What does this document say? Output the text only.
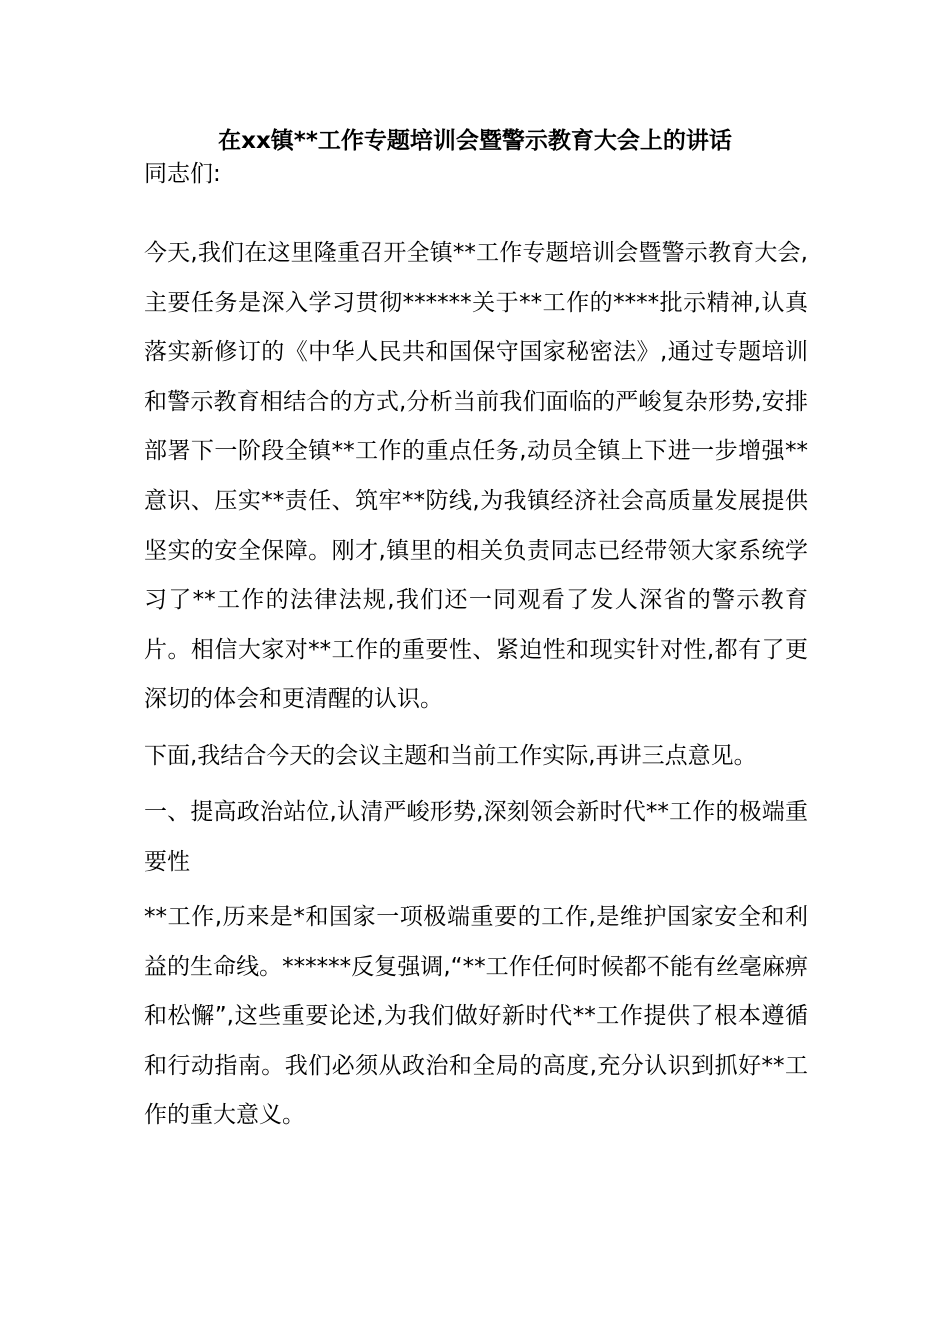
在xx镇**工作专题培训会暨警示教育大会上的讲话

同志们:

今天,我们在这里隆重召开全镇**工作专题培训会暨警示教育大会,主要任务是深入学习贯彻******关于**工作的****批示精神,认真落实新修订的《中华人民共和国保守国家秘密法》,通过专题培训和警示教育相结合的方式,分析当前我们面临的严峻复杂形势,安排部署下一阶段全镇**工作的重点任务,动员全镇上下进一步增强**意识、压实**责任、筑牢**防线,为我镇经济社会高质量发展提供坚实的安全保障。刚才,镇里的相关负责同志已经带领大家系统学习了**工作的法律法规,我们还一同观看了发人深省的警示教育片。相信大家对**工作的重要性、紧迫性和现实针对性,都有了更深切的体会和更清醒的认识。

下面,我结合今天的会议主题和当前工作实际,再讲三点意见。

一、提高政治站位,认清严峻形势,深刻领会新时代**工作的极端重要性

**工作,历来是*和国家一项极端重要的工作,是维护国家安全和利益的生命线。******反复强调,“**工作任何时候都不能有丝毫麻痹和松懈”,这些重要论述,为我们做好新时代**工作提供了根本遵循和行动指南。我们必须从政治和全局的高度,充分认识到抓好**工作的重大意义。
